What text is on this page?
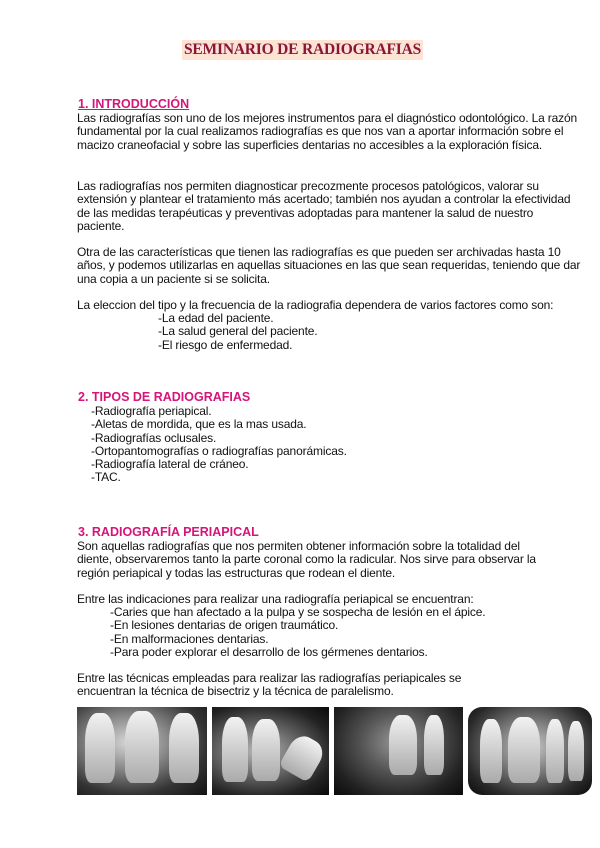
SEMINARIO DE RADIOGRAFIAS
1. INTRODUCCIÓN
Las radiografías son uno de los mejores instrumentos para el diagnóstico odontológico. La razón fundamental por la cual realizamos radiografías es que nos van a aportar información sobre el macizo craneofacial y sobre las superficies dentarias no accesibles a la exploración física.
Las radiografías nos permiten diagnosticar precozmente procesos patológicos, valorar su extensión y plantear el tratamiento más acertado; también nos ayudan a controlar la efectividad de las medidas terapéuticas y preventivas adoptadas para mantener la salud de nuestro paciente.
Otra de las características que tienen las radiografías es que pueden ser archivadas hasta 10 años, y podemos utilizarlas en aquellas situaciones en las que sean requeridas, teniendo que dar una copia a un paciente si se solicita.
La eleccion del tipo y la frecuencia de la radiografia dependera de varios factores como son:
-La edad del paciente.
-La salud general del paciente.
-El riesgo de enfermedad.
2. TIPOS DE RADIOGRAFIAS
-Radiografía periapical.
-Aletas de mordida, que es la mas usada.
-Radiografías oclusales.
-Ortopantomografías o radiografías panorámicas.
-Radiografía lateral de cráneo.
-TAC.
3. RADIOGRAFÍA PERIAPICAL
Son aquellas radiografías que nos permiten obtener información sobre la totalidad del diente, observaremos tanto la parte coronal como la radicular. Nos sirve para observar la región periapical y todas las estructuras que rodean el diente.
Entre las indicaciones para realizar una radiografía periapical se encuentran:
-Caries que han afectado a la pulpa y se sospecha de lesión en el ápice.
-En lesiones dentarias de origen traumático.
-En malformaciones dentarias.
-Para poder explorar el desarrollo de los gérmenes dentarios.
Entre las técnicas empleadas para realizar las radiografías periapicales se encuentran la técnica de bisectriz y la técnica de paralelismo.
